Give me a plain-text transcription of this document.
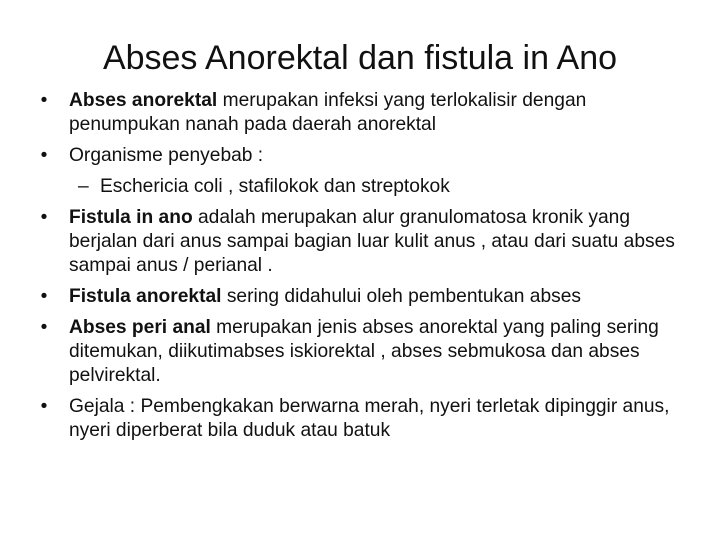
Abses Anorektal dan fistula in Ano
• Abses anorektal merupakan infeksi yang terlokalisir dengan penumpukan nanah pada daerah anorektal
• Organisme penyebab :
– Eschericia coli , stafilokok dan streptokok
• Fistula in ano adalah merupakan alur granulomatosa kronik yang berjalan dari anus sampai bagian luar kulit anus , atau dari suatu abses sampai anus / perianal .
• Fistula anorektal sering didahului oleh pembentukan abses
• Abses peri anal merupakan jenis abses anorektal yang paling sering ditemukan, diikutimabses iskiorektal , abses sebmukosa dan abses pelvirektal.
• Gejala : Pembengkakan berwarna merah, nyeri terletak dipinggir anus, nyeri diperberat bila duduk atau batuk
